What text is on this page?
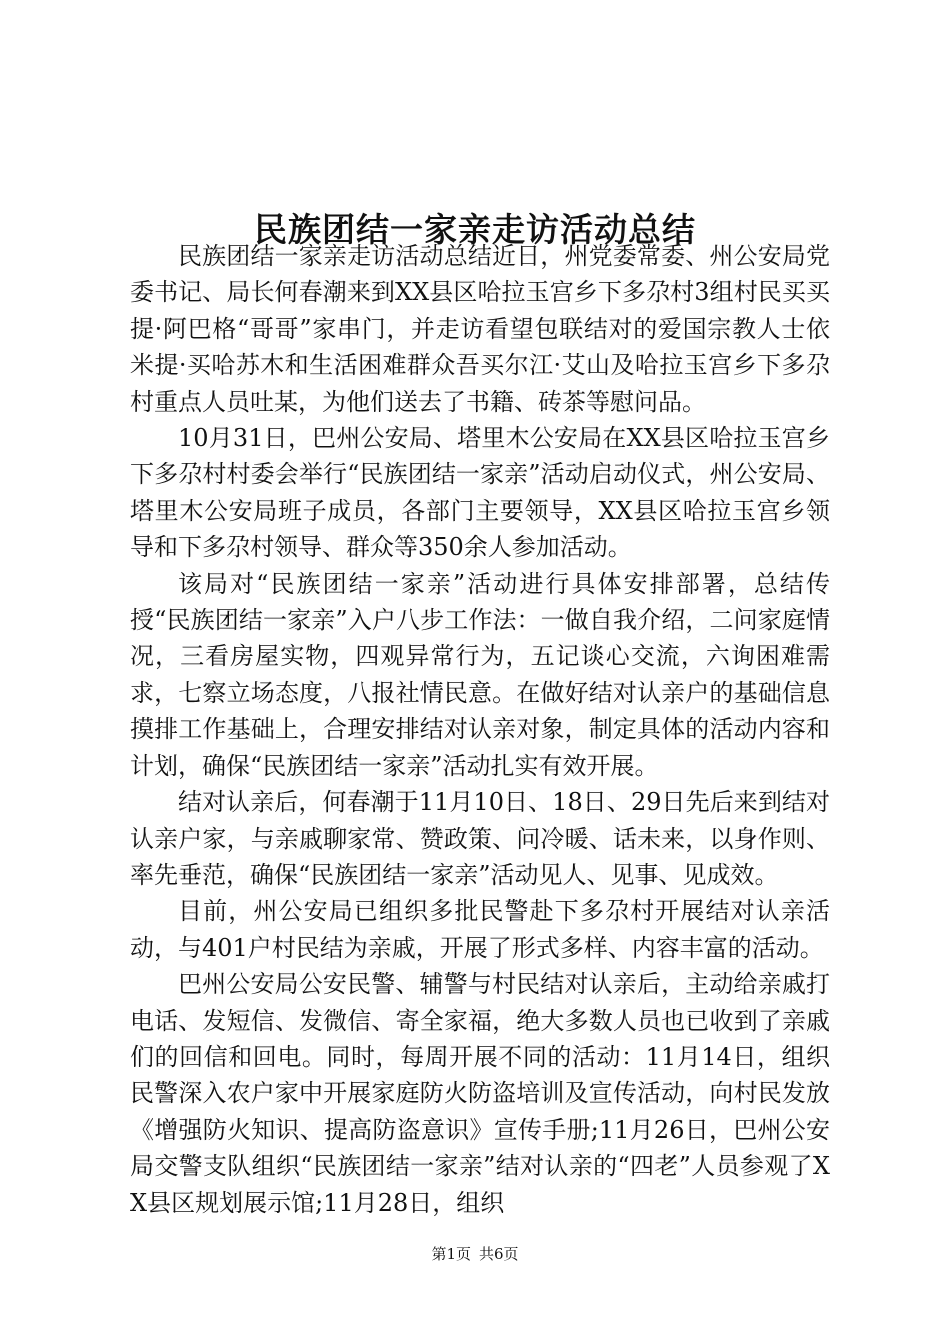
民族团结一家亲走访活动总结

民族团结一家亲走访活动总结近日，州党委常委、州公安局党委书记、局长何春潮来到XX县区哈拉玉宫乡下多尕村3组村民买买提·阿巴格“哥哥”家串门，并走访看望包联结对的爱国宗教人士依米提·买哈苏木和生活困难群众吾买尔江·艾山及哈拉玉宫乡下多尕村重点人员吐某，为他们送去了书籍、砖茶等慰问品。

10月31日，巴州公安局、塔里木公安局在XX县区哈拉玉宫乡下多尕村村委会举行“民族团结一家亲”活动启动仪式，州公安局、塔里木公安局班子成员，各部门主要领导，XX县区哈拉玉宫乡领导和下多尕村领导、群众等350余人参加活动。

该局对“民族团结一家亲”活动进行具体安排部署，总结传授“民族团结一家亲”入户八步工作法：一做自我介绍，二问家庭情况，三看房屋实物，四观异常行为，五记谈心交流，六询困难需求，七察立场态度，八报社情民意。在做好结对认亲户的基础信息摸排工作基础上，合理安排结对认亲对象，制定具体的活动内容和计划，确保“民族团结一家亲”活动扎实有效开展。

结对认亲后，何春潮于11月10日、18日、29日先后来到结对认亲户家，与亲戚聊家常、赞政策、问冷暖、话未来，以身作则、率先垂范，确保“民族团结一家亲”活动见人、见事、见成效。

目前，州公安局已组织多批民警赴下多尕村开展结对认亲活动，与401户村民结为亲戚，开展了形式多样、内容丰富的活动。

巴州公安局公安民警、辅警与村民结对认亲后，主动给亲戚打电话、发短信、发微信、寄全家福，绝大多数人员也已收到了亲戚们的回信和回电。同时，每周开展不同的活动：11月14日，组织民警深入农户家中开展家庭防火防盗培训及宣传活动，向村民发放《增强防火知识、提高防盗意识》宣传手册;11月26日，巴州公安局交警支队组织“民族团结一家亲”结对认亲的“四老”人员参观了XX县区规划展示馆;11月28日，组织

第1页 共6页
